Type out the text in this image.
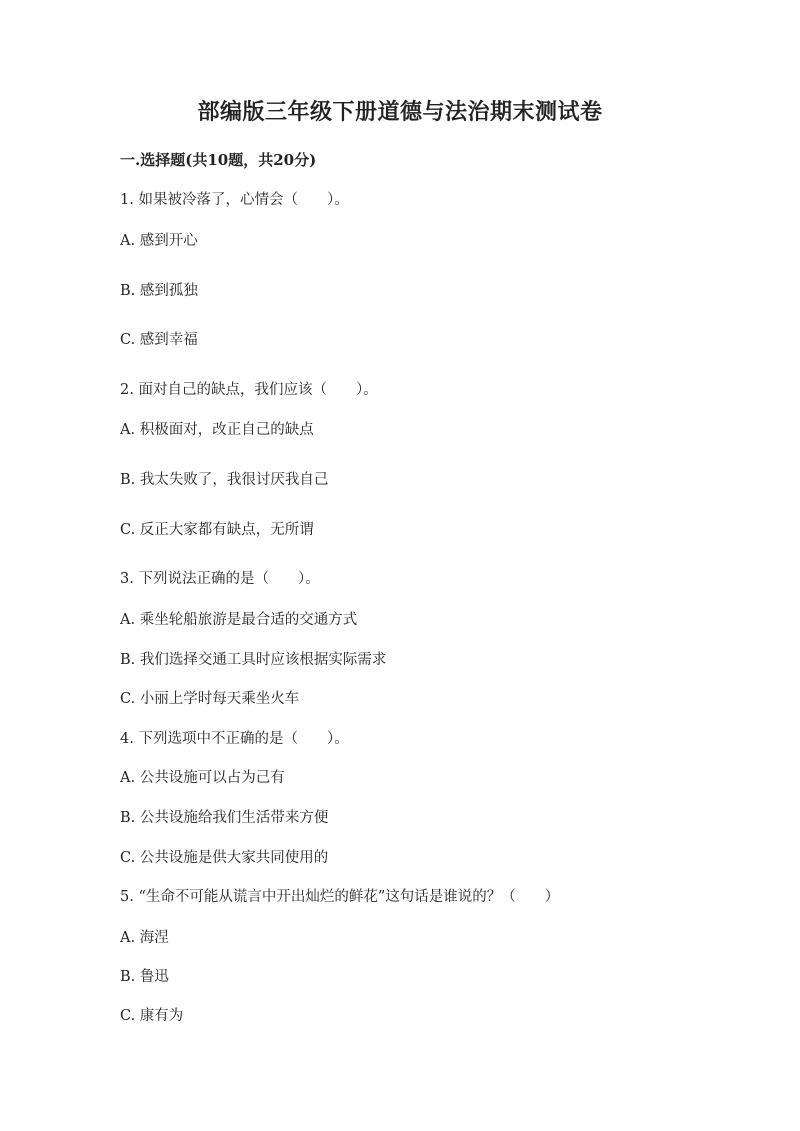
部编版三年级下册道德与法治期末测试卷
一.选择题(共10题，共20分)
1. 如果被冷落了，心情会（　　）。
A. 感到开心
B. 感到孤独
C. 感到幸福
2. 面对自己的缺点，我们应该（　　）。
A. 积极面对，改正自己的缺点
B. 我太失败了，我很讨厌我自己
C. 反正大家都有缺点，无所谓
3. 下列说法正确的是（　　）。
A. 乘坐轮船旅游是最合适的交通方式
B. 我们选择交通工具时应该根据实际需求
C. 小丽上学时每天乘坐火车
4. 下列选项中不正确的是（　　）。
A. 公共设施可以占为己有
B. 公共设施给我们生活带来方便
C. 公共设施是供大家共同使用的
5. “生命不可能从谎言中开出灿烂的鲜花”这句话是谁说的？（　　）
A. 海涅
B. 鲁迅
C. 康有为
